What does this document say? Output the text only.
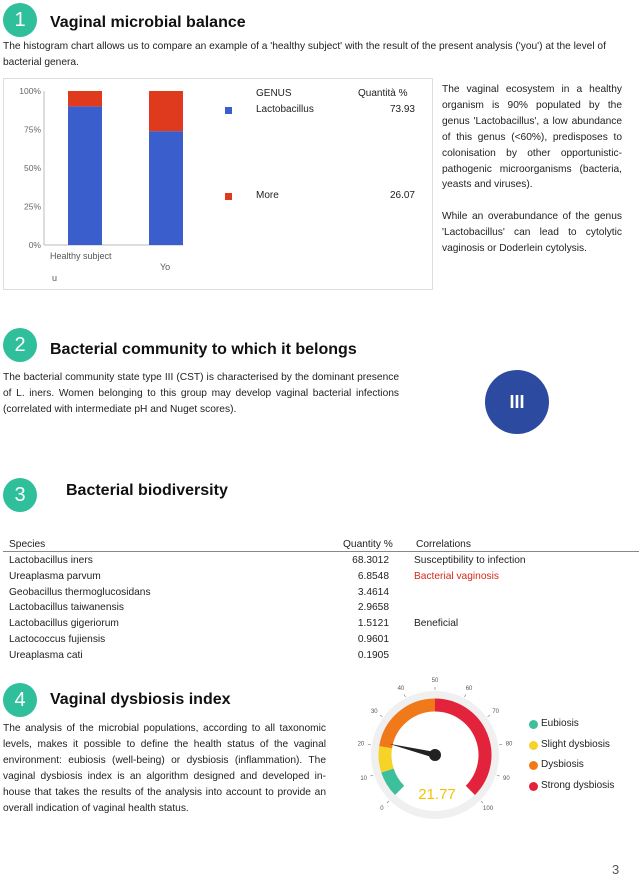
1	Vaginal microbial balance
The histogram chart allows us to compare an example of a 'healthy subject' with the result of the present analysis ('you') at the level of bacterial genera.
0%
25%
50%
75%
100%
Healthy subject
u
Yo
GENUS	Quantità %
Lactobacillus	73.93
More	26.07
The vaginal ecosystem in a healthy organism is 90% populated by the genus 'Lactobacillus', a low abundance of this genus (<60%), predisposes to colonisation by other opportunistic-pathogenic microorganisms (bacteria, yeasts and viruses).
While an overabundance of the genus 'Lactobacillus' can lead to cytolytic vaginosis or Doderlein cytolysis.
2	Bacterial community to which it belongs
The bacterial community state type III (CST) is characterised by the dominant presence of L. iners. Women belonging to this group may develop vaginal bacterial infections (correlated with intermediate pH and Nuget scores).	III
3	Bacterial biodiversity
Species	Quantity % Correlations
Lactobacillus iners	68.3012 Susceptibility to infection
Ureaplasma parvum	6.8548 Bacterial vaginosis
Geobacillus thermoglucosidans	3.4614
Lactobacillus taiwanensis	2.9658
Lactobacillus gigeriorum	1.5121 Beneficial
Lactococcus fujiensis	0.9601
Ureaplasma cati	0.1905
4	Vaginal dysbiosis index
The analysis of the microbial populations, according to all taxonomic levels, makes it possible to define the health status of the vaginal environment: eubiosis (well-being) or dysbiosis (inflammation). The vaginal dysbiosis index is an algorithm designed and developed in-house that takes the results of the analysis into account to provide an overall indication of vaginal health status.	0
10
20
30
40
50
60
70
80
90
100
21.77
Eubiosis
Slight dysbiosis
Dysbiosis
Strong dysbiosis
3
